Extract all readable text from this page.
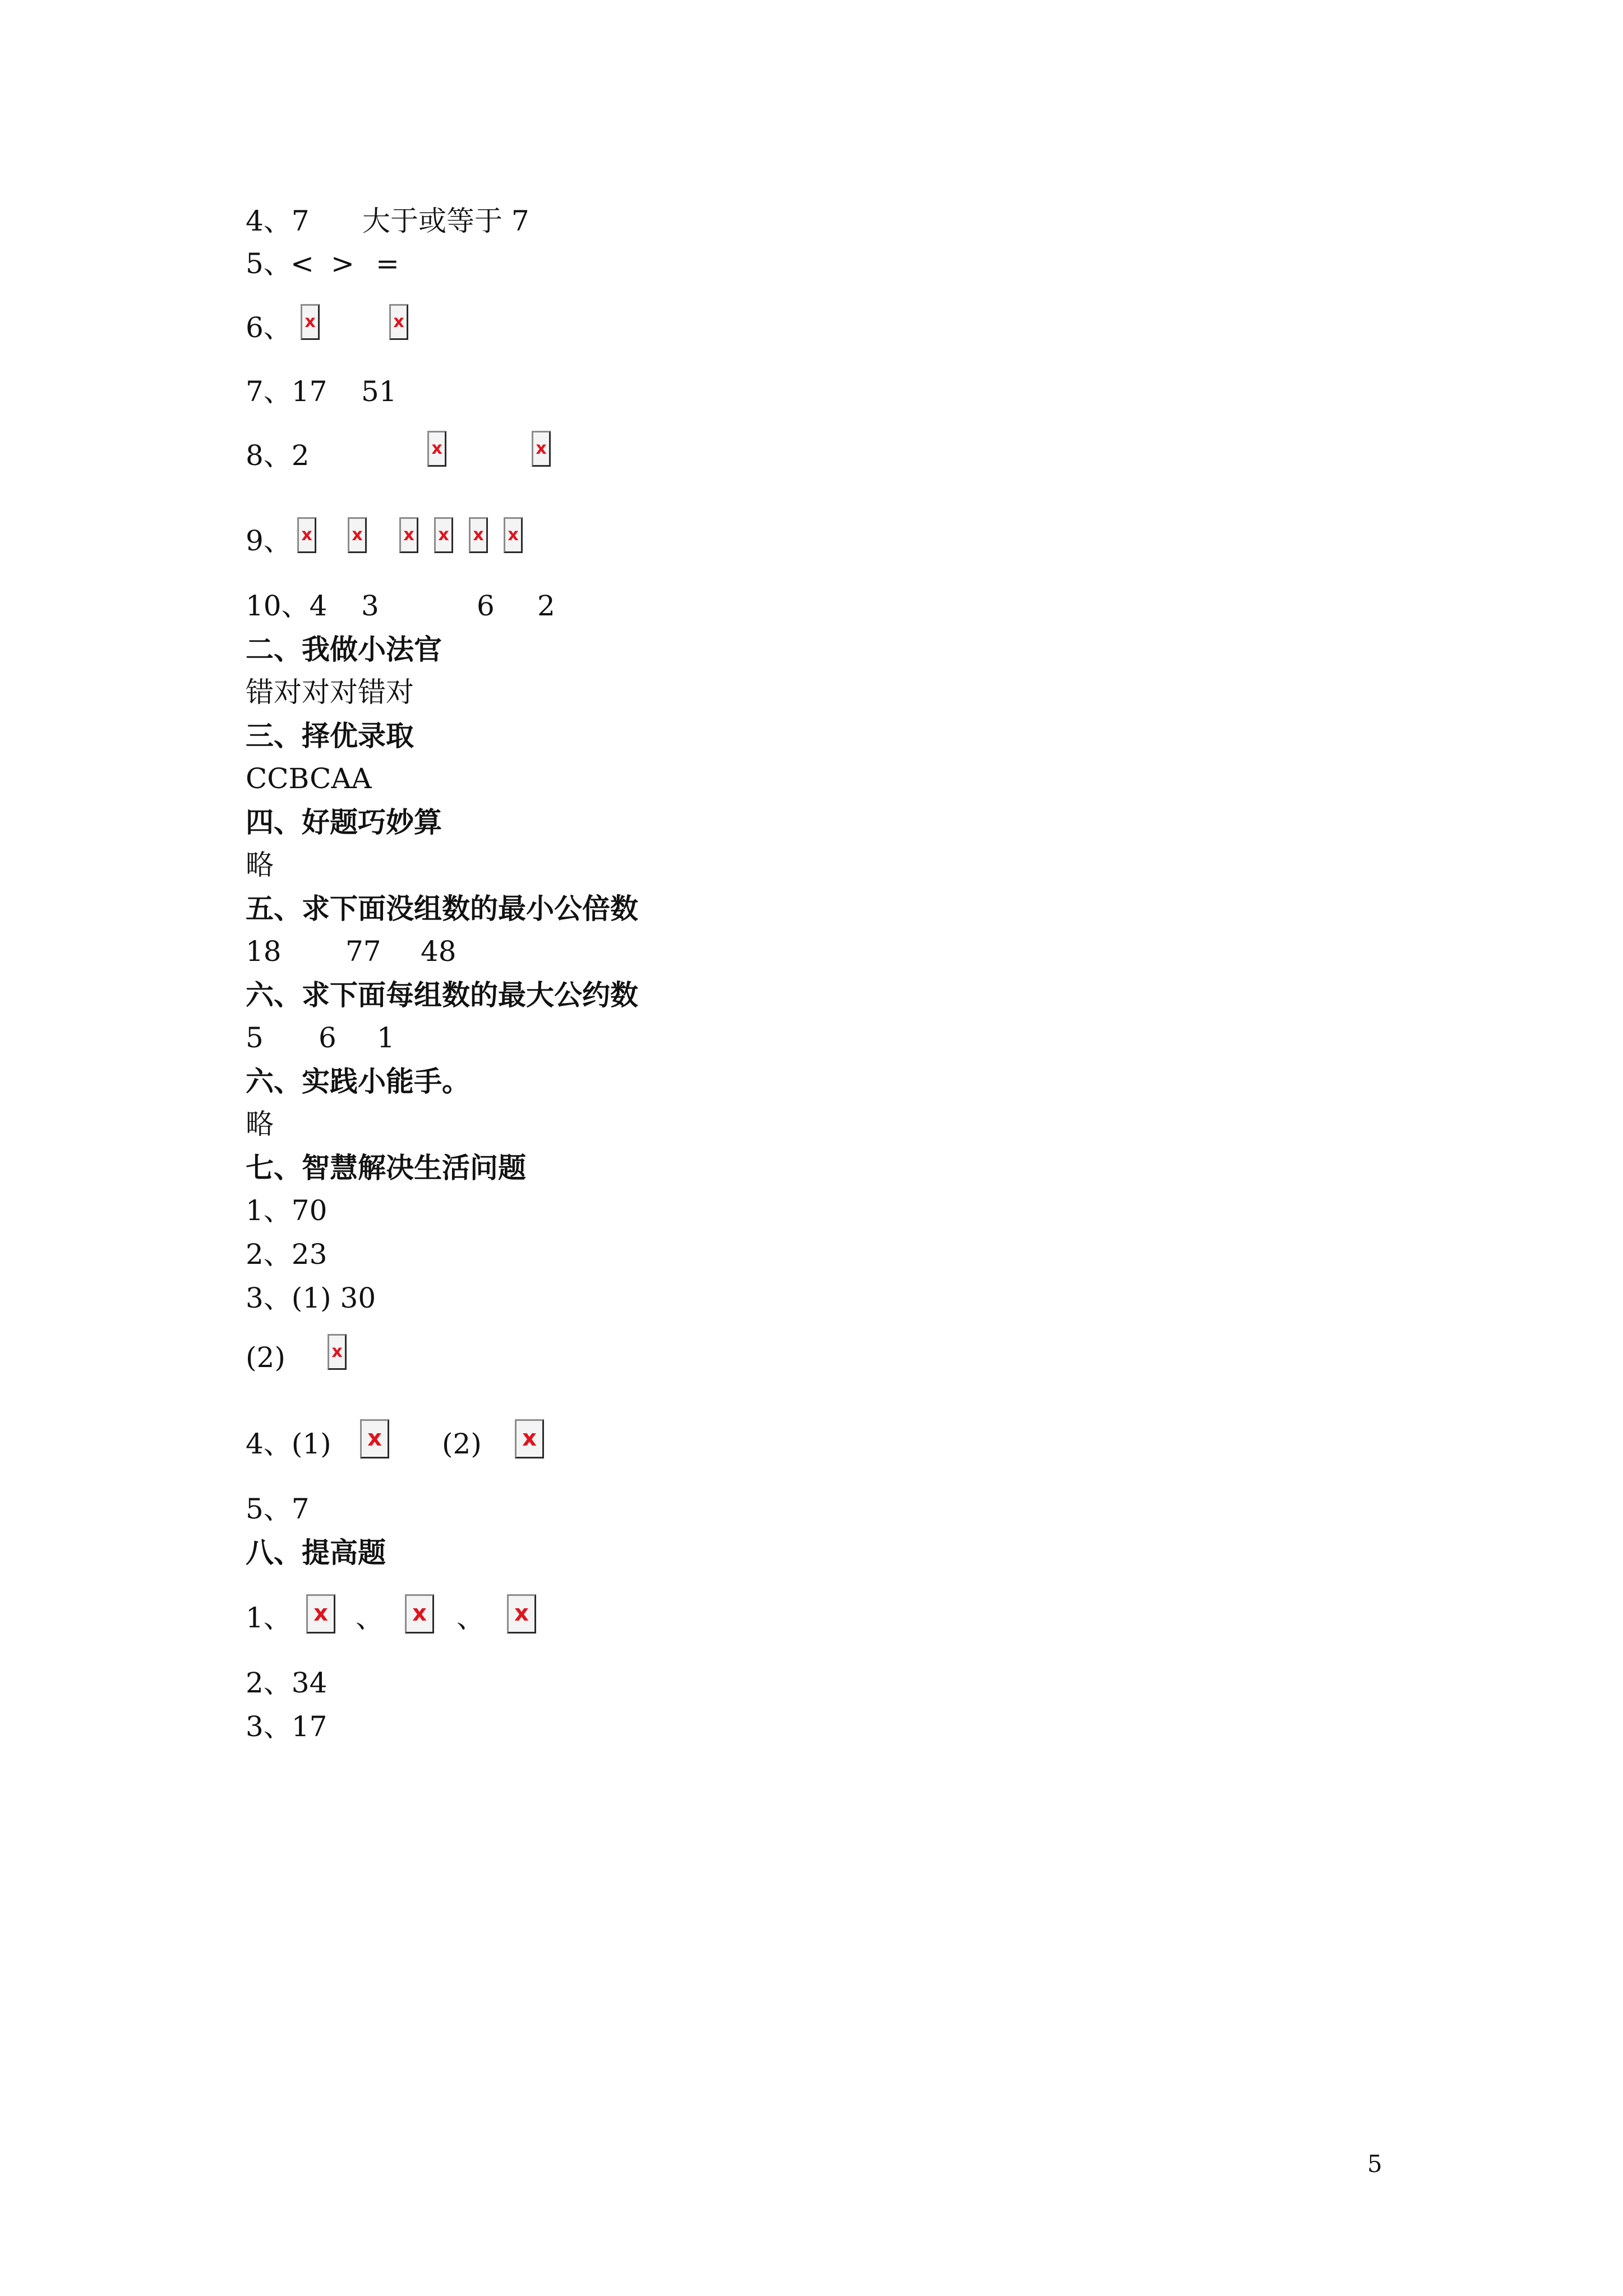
4、7 大于或等于 7
5、
< > =
6、
x
x
7、17 51
8、2
x
x
9、
x
x
x
x
x
x
10、4 3	6 2
二、我做小法官
错对对对错对
三、择优录取
CCBCAA
四、好题巧妙算
略
五、求下面没组数的最小公倍数
18 77 48
六、求下面每组数的最大公约数
5 6 1
六、实践小能手。
略
七、智慧解决生活问题
1、70
2、23
3、(1) 30
(2)
x
4、(1)	(2)
x
x
5、7
八、提高题
1、 、	、
x
x
x
2、34
3、17
5
